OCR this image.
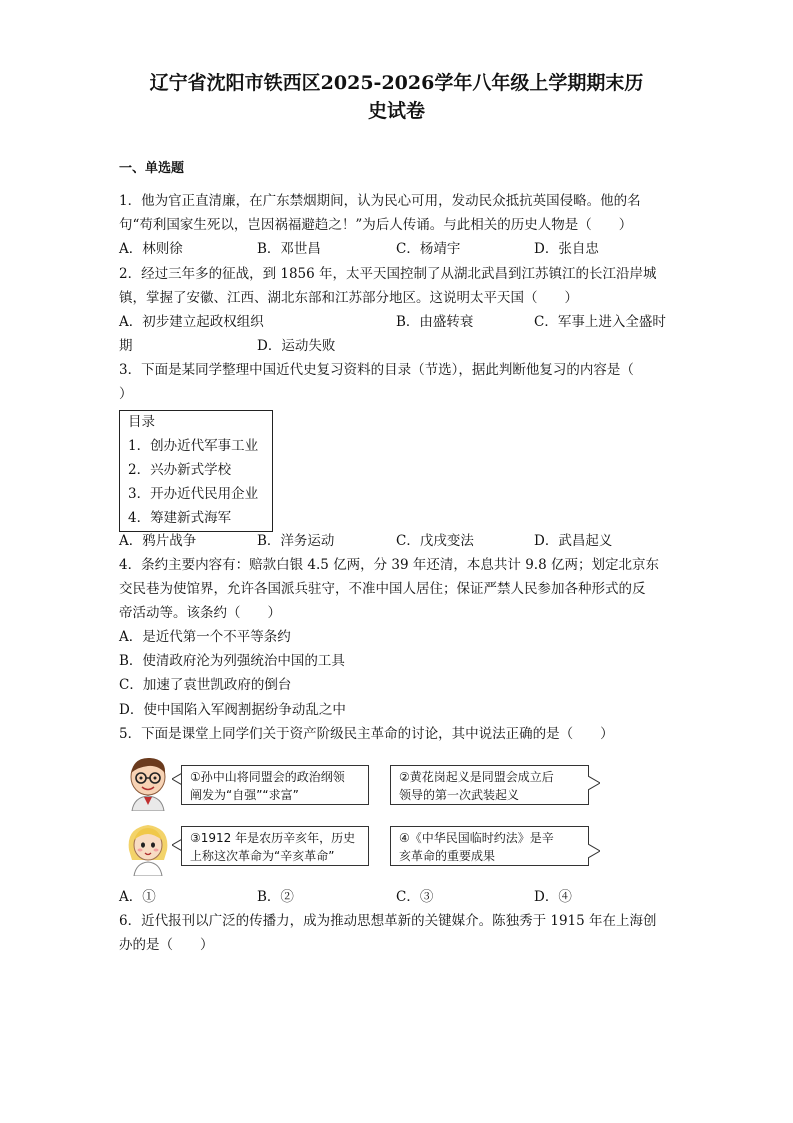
辽宁省沈阳市铁西区2025-2026学年八年级上学期期末历
史试卷
一、单选题
1．他为官正直清廉，在广东禁烟期间，认为民心可用，发动民众抵抗英国侵略。他的名
句“苟利国家生死以，岂因祸福避趋之！”为后人传诵。与此相关的历史人物是（　　）
A．林则徐	B．邓世昌	C．杨靖宇	D．张自忠
2．经过三年多的征战，到 1856 年，太平天国控制了从湖北武昌到江苏镇江的长江沿岸城
镇，掌握了安徽、江西、湖北东部和江苏部分地区。这说明太平天国（　　）
A．初步建立起政权组织	B．由盛转衰	C．军事上进入全盛时
期	D．运动失败
3．下面是某同学整理中国近代史复习资料的目录（节选），据此判断他复习的内容是（
）
目录
1．创办近代军事工业
2．兴办新式学校
3．开办近代民用企业
4．筹建新式海军
A．鸦片战争	B．洋务运动	C．戊戌变法	D．武昌起义
4．条约主要内容有：赔款白银 4.5 亿两，分 39 年还清，本息共计 9.8 亿两；划定北京东
交民巷为使馆界，允许各国派兵驻守，不准中国人居住；保证严禁人民参加各种形式的反
帝活动等。该条约（　　）
A．是近代第一个不平等条约
B．使清政府沦为列强统治中国的工具
C．加速了袁世凯政府的倒台
D．使中国陷入军阀割据纷争动乱之中
5．下面是课堂上同学们关于资产阶级民主革命的讨论，其中说法正确的是（　　）
①孙中山将同盟会的政治纲领
阐发为“自强”“求富”
②黄花岗起义是同盟会成立后
领导的第一次武装起义
③1912 年是农历辛亥年，历史
上称这次革命为“辛亥革命”
④《中华民国临时约法》是辛
亥革命的重要成果
A．①	B．②	C．③	D．④
6．近代报刊以广泛的传播力，成为推动思想革新的关键媒介。陈独秀于 1915 年在上海创
办的是（　　）
